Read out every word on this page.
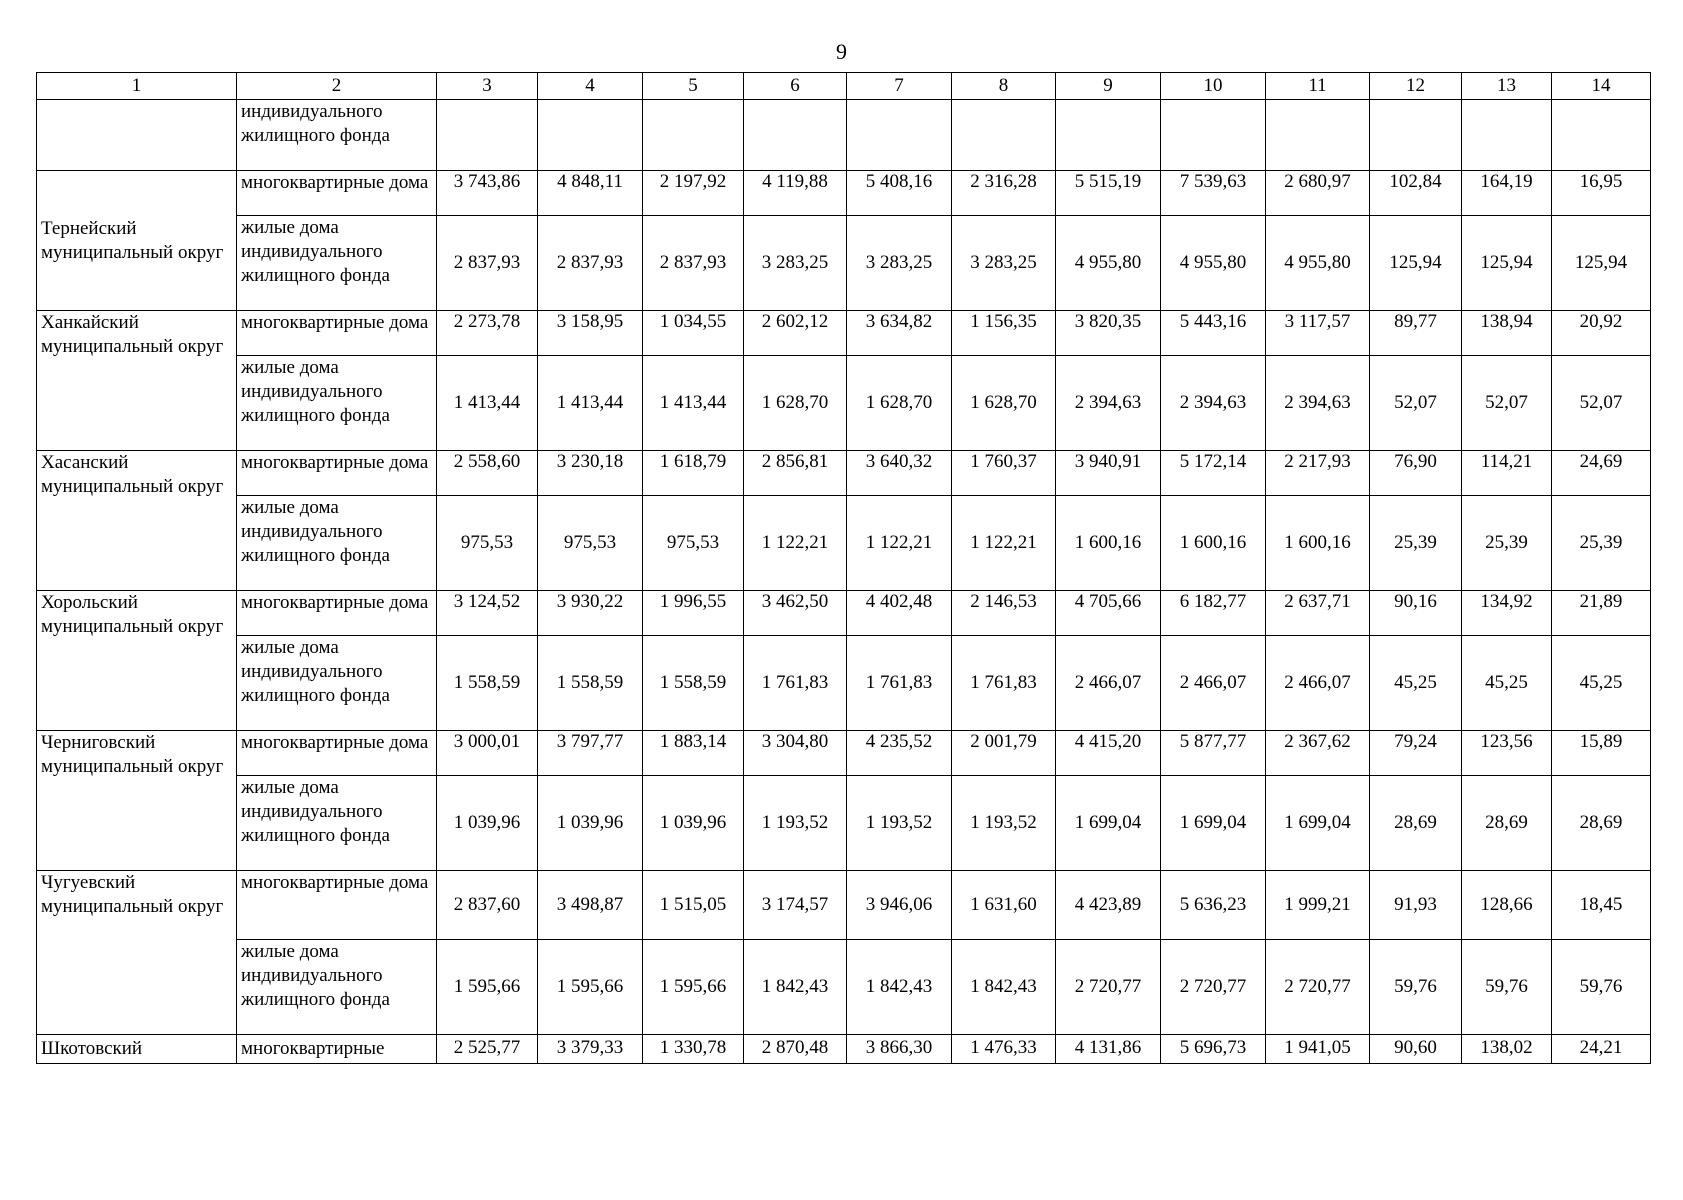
9
1	2	3	4	5	6	7	8	9	10	11	12	13	14
	индивидуального жилищного фонда												
Тернейский муниципальный округ	многоквартирные дома	3 743,86	4 848,11	2 197,92	4 119,88	5 408,16	2 316,28	5 515,19	7 539,63	2 680,97	102,84	164,19	16,95
	жилые дома индивидуального жилищного фонда	2 837,93	2 837,93	2 837,93	3 283,25	3 283,25	3 283,25	4 955,80	4 955,80	4 955,80	125,94	125,94	125,94
Ханкайский муниципальный округ	многоквартирные дома	2 273,78	3 158,95	1 034,55	2 602,12	3 634,82	1 156,35	3 820,35	5 443,16	3 117,57	89,77	138,94	20,92
	жилые дома индивидуального жилищного фонда	1 413,44	1 413,44	1 413,44	1 628,70	1 628,70	1 628,70	2 394,63	2 394,63	2 394,63	52,07	52,07	52,07
Хасанский муниципальный округ	многоквартирные дома	2 558,60	3 230,18	1 618,79	2 856,81	3 640,32	1 760,37	3 940,91	5 172,14	2 217,93	76,90	114,21	24,69
	жилые дома индивидуального жилищного фонда	975,53	975,53	975,53	1 122,21	1 122,21	1 122,21	1 600,16	1 600,16	1 600,16	25,39	25,39	25,39
Хорольский муниципальный округ	многоквартирные дома	3 124,52	3 930,22	1 996,55	3 462,50	4 402,48	2 146,53	4 705,66	6 182,77	2 637,71	90,16	134,92	21,89
	жилые дома индивидуального жилищного фонда	1 558,59	1 558,59	1 558,59	1 761,83	1 761,83	1 761,83	2 466,07	2 466,07	2 466,07	45,25	45,25	45,25
Черниговский муниципальный округ	многоквартирные дома	3 000,01	3 797,77	1 883,14	3 304,80	4 235,52	2 001,79	4 415,20	5 877,77	2 367,62	79,24	123,56	15,89
	жилые дома индивидуального жилищного фонда	1 039,96	1 039,96	1 039,96	1 193,52	1 193,52	1 193,52	1 699,04	1 699,04	1 699,04	28,69	28,69	28,69
Чугуевский муниципальный округ	многоквартирные дома	2 837,60	3 498,87	1 515,05	3 174,57	3 946,06	1 631,60	4 423,89	5 636,23	1 999,21	91,93	128,66	18,45
	жилые дома индивидуального жилищного фонда	1 595,66	1 595,66	1 595,66	1 842,43	1 842,43	1 842,43	2 720,77	2 720,77	2 720,77	59,76	59,76	59,76
Шкотовский	многоквартирные	2 525,77	3 379,33	1 330,78	2 870,48	3 866,30	1 476,33	4 131,86	5 696,73	1 941,05	90,60	138,02	24,21
